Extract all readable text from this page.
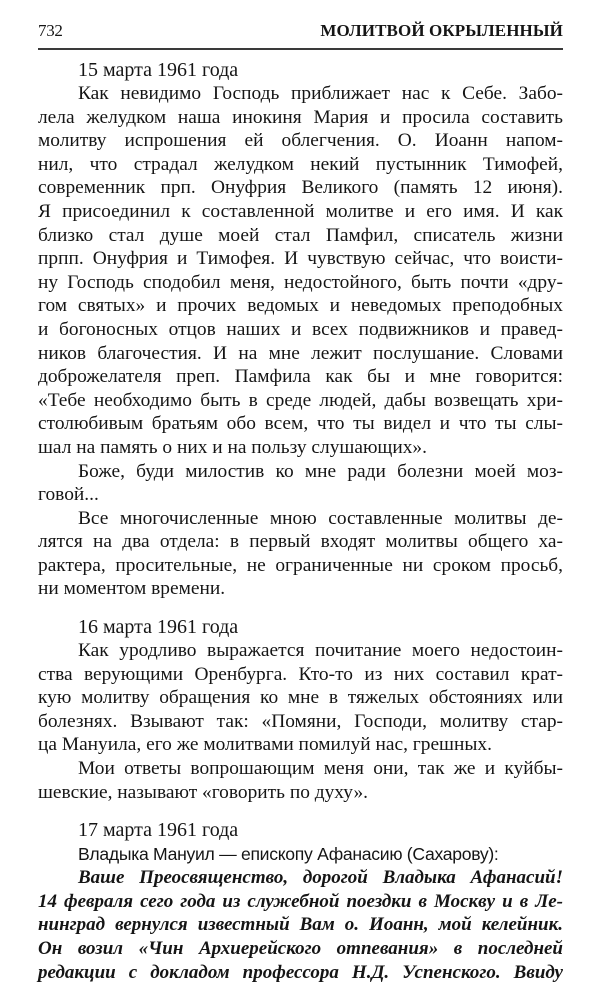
732	МОЛИТВОЙ ОКРЫЛЕННЫЙ
15 марта 1961 года

Как невидимо Господь приближает нас к Себе. Забо-
лела желудком наша инокиня Мария и просила составить
молитву испрошения ей облегчения. О. Иоанн напом-
нил, что страдал желудком некий пустынник Тимофей,
современник прп. Онуфрия Великого (память 12 июня).
Я присоединил к составленной молитве и его имя. И как
близко стал душе моей стал Памфил, списатель жизни
прпп. Онуфрия и Тимофея. И чувствую сейчас, что воисти-
ну Господь сподобил меня, недостойного, быть почти «дру-
гом святых» и прочих ведомых и неведомых преподобных
и богоносных отцов наших и всех подвижников и правед-
ников благочестия. И на мне лежит послушание. Словами
доброжелателя преп. Памфила как бы и мне говорится:
«Тебе необходимо быть в среде людей, дабы возвещать хри-
столюбивым братьям обо всем, что ты видел и что ты слы-
шал на память о них и на пользу слушающих».

Боже, буди милостив ко мне ради болезни моей моз-
говой...

Все многочисленные мною составленные молитвы де-
лятся на два отдела: в первый входят молитвы общего ха-
рактера, просительные, не ограниченные ни сроком просьб,
ни моментом времени.

16 марта 1961 года

Как уродливо выражается почитание моего недостоин-
ства верующими Оренбурга. Кто-то из них составил крат-
кую молитву обращения ко мне в тяжелых обстояниях или
болезнях. Взывают так: «Помяни, Господи, молитву стар-
ца Мануила, его же молитвами помилуй нас, грешных.

Мои ответы вопрошающим меня они, так же и куйбы-
шевские, называют «говорить по духу».

17 марта 1961 года

Владыка Мануил — епископу Афанасию (Сахарову):

Ваше Преосвященство, дорогой Владыка Афанасий!
14 февраля сего года из служебной поездки в Москву и в Ле-
нинград вернулся известный Вам о. Иоанн, мой келейник.
Он возил «Чин Архиерейского отпевания» в последней
редакции с докладом профессора Н.Д. Успенского. Ввиду
